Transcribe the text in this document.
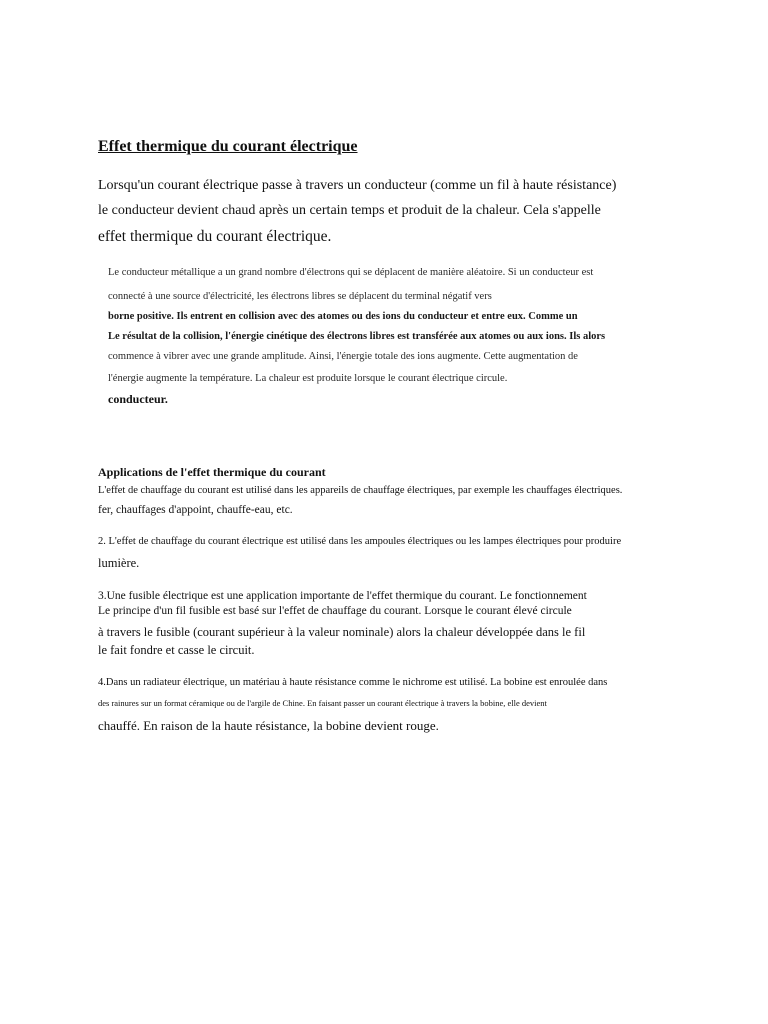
Effet thermique du courant électrique
Lorsqu'un courant électrique passe à travers un conducteur (comme un fil à haute résistance)
le conducteur devient chaud après un certain temps et produit de la chaleur. Cela s'appelle
effet thermique du courant électrique.
Le conducteur métallique a un grand nombre d'électrons qui se déplacent de manière aléatoire. Si un conducteur est
connecté à une source d'électricité, les électrons libres se déplacent du terminal négatif vers
borne positive. Ils entrent en collision avec des atomes ou des ions du conducteur et entre eux. Comme un
Le résultat de la collision, l'énergie cinétique des électrons libres est transférée aux atomes ou aux ions. Ils alors
commence à vibrer avec une grande amplitude. Ainsi, l'énergie totale des ions augmente. Cette augmentation de
l'énergie augmente la température. La chaleur est produite lorsque le courant électrique circule.
conducteur.
Applications de l'effet thermique du courant
L'effet de chauffage du courant est utilisé dans les appareils de chauffage électriques, par exemple les chauffages électriques.
fer, chauffages d'appoint, chauffe-eau, etc.
2. L'effet de chauffage du courant électrique est utilisé dans les ampoules électriques ou les lampes électriques pour produire
lumière.
3.Une fusible électrique est une application importante de l'effet thermique du courant. Le fonctionnement
Le principe d'un fil fusible est basé sur l'effet de chauffage du courant. Lorsque le courant élevé circule
à travers le fusible (courant supérieur à la valeur nominale) alors la chaleur développée dans le fil
le fait fondre et casse le circuit.
4.Dans un radiateur électrique, un matériau à haute résistance comme le nichrome est utilisé. La bobine est enroulée dans
des rainures sur un format céramique ou de l'argile de Chine. En faisant passer un courant électrique à travers la bobine, elle devient
chauffé. En raison de la haute résistance, la bobine devient rouge.
